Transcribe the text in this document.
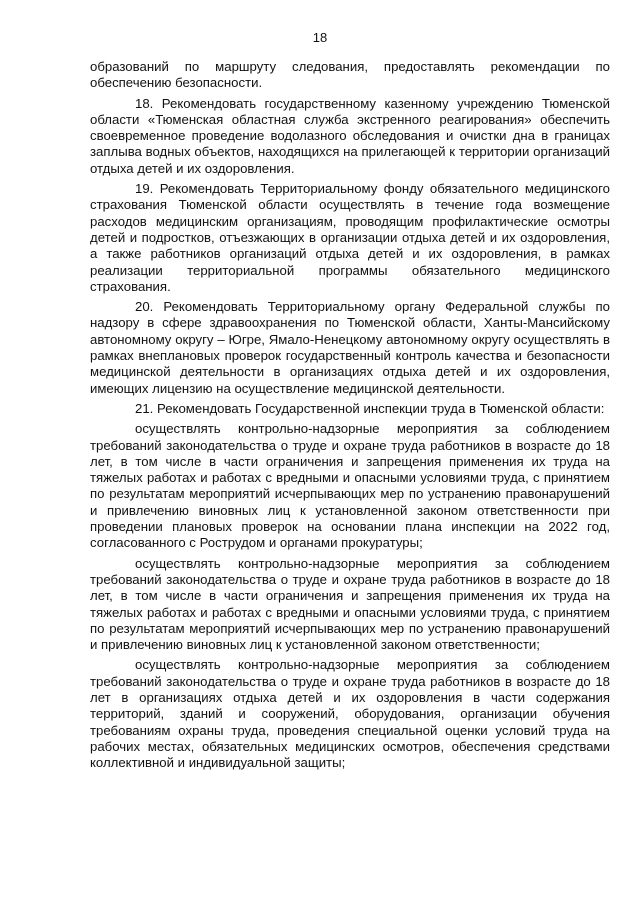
18

образований по маршруту следования, предоставлять рекомендации по обеспечению безопасности.

18. Рекомендовать государственному казенному учреждению Тюменской области «Тюменская областная служба экстренного реагирования» обеспечить своевременное проведение водолазного обследования и очистки дна в границах заплыва водных объектов, находящихся на прилегающей к территории организаций отдыха детей и их оздоровления.

19. Рекомендовать Территориальному фонду обязательного медицинского страхования Тюменской области осуществлять в течение года возмещение расходов медицинским организациям, проводящим профилактические осмотры детей и подростков, отъезжающих в организации отдыха детей и их оздоровления, а также работников организаций отдыха детей и их оздоровления, в рамках реализации территориальной программы обязательного медицинского страхования.

20. Рекомендовать Территориальному органу Федеральной службы по надзору в сфере здравоохранения по Тюменской области, Ханты-Мансийскому автономному округу – Югре, Ямало-Ненецкому автономному округу осуществлять в рамках внеплановых проверок государственный контроль качества и безопасности медицинской деятельности в организациях отдыха детей и их оздоровления, имеющих лицензию на осуществление медицинской деятельности.

21. Рекомендовать Государственной инспекции труда в Тюменской области:

осуществлять контрольно-надзорные мероприятия за соблюдением требований законодательства о труде и охране труда работников в возрасте до 18 лет, в том числе в части ограничения и запрещения применения их труда на тяжелых работах и работах с вредными и опасными условиями труда, с принятием по результатам мероприятий исчерпывающих мер по устранению правонарушений и привлечению виновных лиц к установленной законом ответственности при проведении плановых проверок на основании плана инспекции на 2022 год, согласованного с Рострудом и органами прокуратуры;

осуществлять контрольно-надзорные мероприятия за соблюдением требований законодательства о труде и охране труда работников в возрасте до 18 лет, в том числе в части ограничения и запрещения применения их труда на тяжелых работах и работах с вредными и опасными условиями труда, с принятием по результатам мероприятий исчерпывающих мер по устранению правонарушений и привлечению виновных лиц к установленной законом ответственности;

осуществлять контрольно-надзорные мероприятия за соблюдением требований законодательства о труде и охране труда работников в возрасте до 18 лет в организациях отдыха детей и их оздоровления в части содержания территорий, зданий и сооружений, оборудования, организации обучения требованиям охраны труда, проведения специальной оценки условий труда на рабочих местах, обязательных медицинских осмотров, обеспечения средствами коллективной и индивидуальной защиты;
